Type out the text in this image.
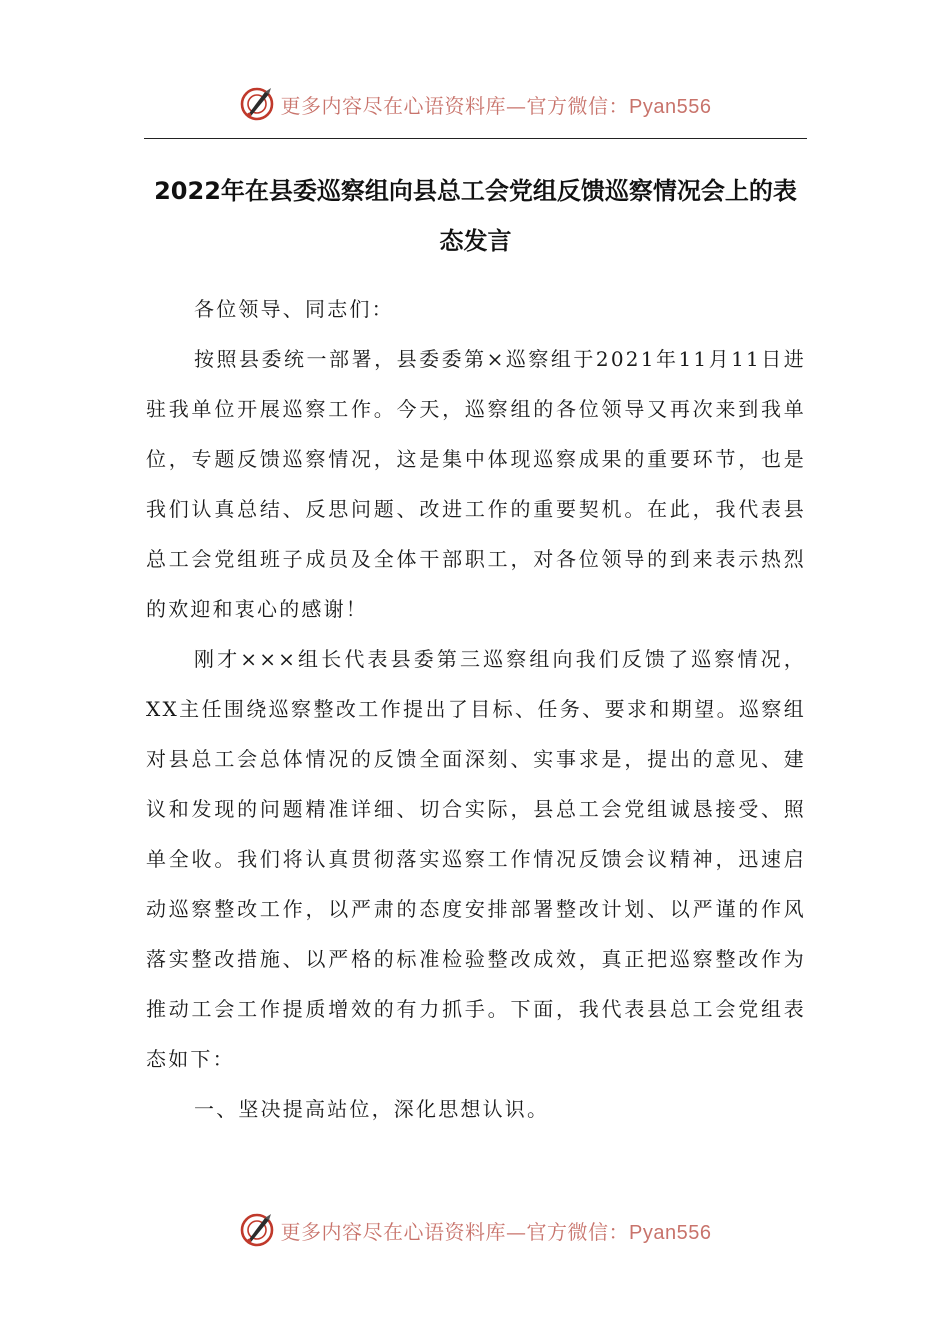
更多内容尽在心语资料库—官方微信：Pyan556
2022年在县委巡察组向县总工会党组反馈巡察情况会上的表态发言

各位领导、同志们：

按照县委统一部署，县委委第×巡察组于2021年11月11日进驻我单位开展巡察工作。今天，巡察组的各位领导又再次来到我单位，专题反馈巡察情况，这是集中体现巡察成果的重要环节，也是我们认真总结、反思问题、改进工作的重要契机。在此，我代表县总工会党组班子成员及全体干部职工，对各位领导的到来表示热烈的欢迎和衷心的感谢！

刚才×××组长代表县委第三巡察组向我们反馈了巡察情况，XX主任围绕巡察整改工作提出了目标、任务、要求和期望。巡察组对县总工会总体情况的反馈全面深刻、实事求是，提出的意见、建议和发现的问题精准详细、切合实际，县总工会党组诚恳接受、照单全收。我们将认真贯彻落实巡察工作情况反馈会议精神，迅速启动巡察整改工作，以严肃的态度安排部署整改计划、以严谨的作风落实整改措施、以严格的标准检验整改成效，真正把巡察整改作为推动工会工作提质增效的有力抓手。下面，我代表县总工会党组表态如下：

一、坚决提高站位，深化思想认识。

更多内容尽在心语资料库—官方微信：Pyan556
